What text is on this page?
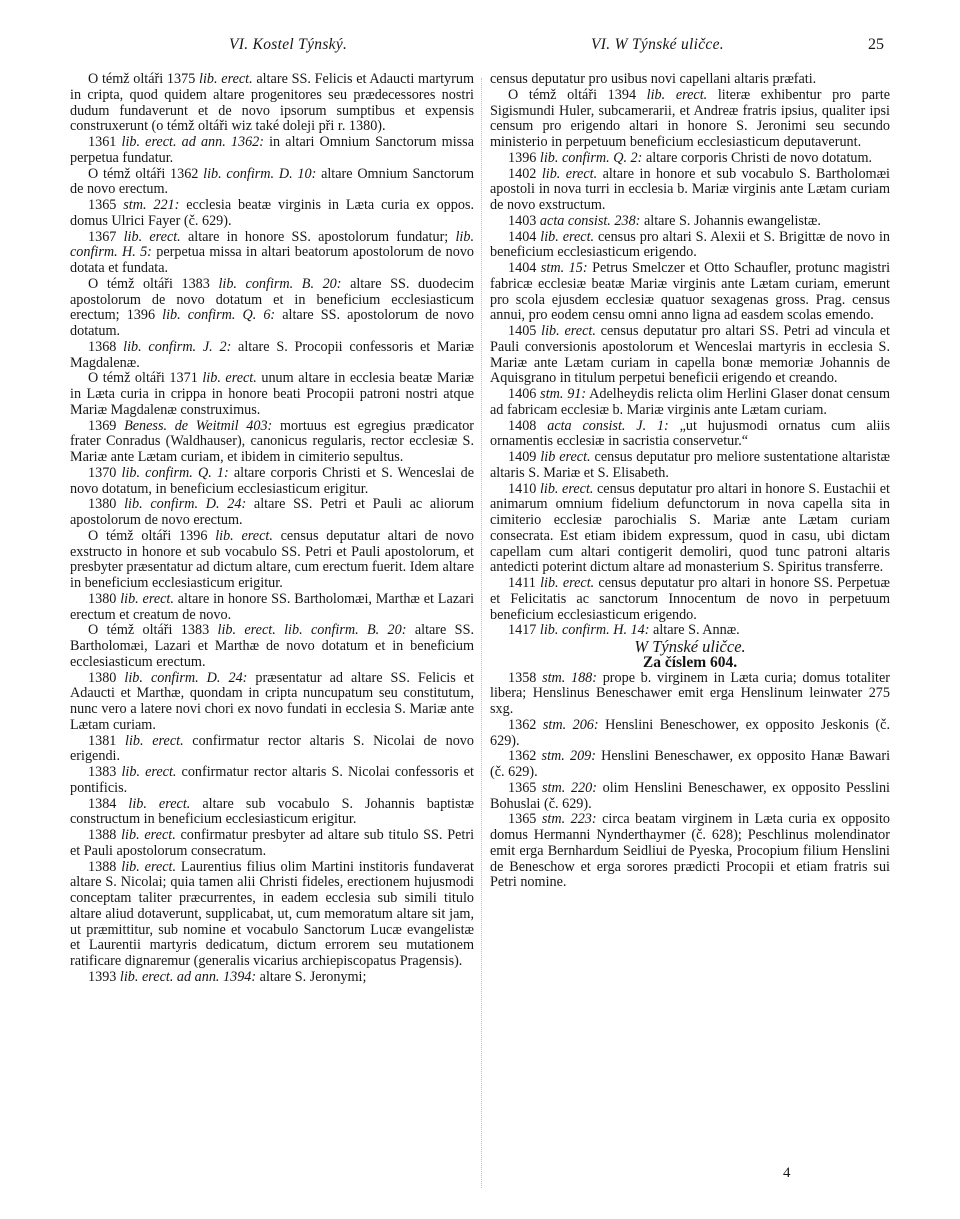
VI. Kostel Týnský.	VI. W Týnské uličce.	25

O témž oltáři 1375 lib. erect. altare SS. Felicis et Adaucti martyrum in cripta, quod quidem altare progenitores seu prædecessores nostri dudum fundaverunt et de novo ipsorum sumptibus et expensis construxerunt (o témž oltáři wiz také doleji při r. 1380).

1361 lib. erect. ad ann. 1362: in altari Omnium Sanctorum missa perpetua fundatur.

O témž oltáři 1362 lib. confirm. D. 10: altare Omnium Sanctorum de novo erectum.

1365 stm. 221: ecclesia beatæ virginis in Læta curia ex oppos. domus Ulrici Fayer (č. 629).

1367 lib. erect. altare in honore SS. apostolorum fundatur; lib. confirm. H. 5: perpetua missa in altari beatorum apostolorum de novo dotata et fundata.

O témž oltáři 1383 lib. confirm. B. 20: altare SS. duodecim apostolorum de novo dotatum et in beneficium ecclesiasticum erectum; 1396 lib. confirm. Q. 6: altare SS. apostolorum de novo dotatum.

1368 lib. confirm. J. 2: altare S. Procopii confessoris et Mariæ Magdalenæ.

O témž oltáři 1371 lib. erect. unum altare in ecclesia beatæ Mariæ in Læta curia in crippa in honore beati Procopii patroni nostri atque Mariæ Magdalenæ construximus.

1369 Beness. de Weitmil 403: mortuus est egregius prædicator frater Conradus (Waldhauser), canonicus regularis, rector ecclesiæ S. Mariæ ante Lætam curiam, et ibidem in cimiterio sepultus.

1370 lib. confirm. Q. 1: altare corporis Christi et S. Wenceslai de novo dotatum, in beneficium ecclesiasticum erigitur.

1380 lib. confirm. D. 24: altare SS. Petri et Pauli ac aliorum apostolorum de novo erectum.

O témž oltáři 1396 lib. erect. census deputatur altari de novo exstructo in honore et sub vocabulo SS. Petri et Pauli apostolorum, et presbyter præsentatur ad dictum altare, cum erectum fuerit. Idem altare in beneficium ecclesiasticum erigitur.

1380 lib. erect. altare in honore SS. Bartholomæi, Marthæ et Lazari erectum et creatum de novo.

O témž oltáři 1383 lib. erect. lib. confirm. B. 20: altare SS. Bartholomæi, Lazari et Marthæ de novo dotatum et in beneficium ecclesiasticum erectum.

1380 lib. confirm. D. 24: præsentatur ad altare SS. Felicis et Adaucti et Marthæ, quondam in cripta nuncupatum seu constitutum, nunc vero a latere novi chori ex novo fundati in ecclesia S. Mariæ ante Lætam curiam.

1381 lib. erect. confirmatur rector altaris S. Nicolai de novo erigendi.

1383 lib. erect. confirmatur rector altaris S. Nicolai confessoris et pontificis.

1384 lib. erect. altare sub vocabulo S. Johannis baptistæ constructum in beneficium ecclesiasticum erigitur.

1388 lib. erect. confirmatur presbyter ad altare sub titulo SS. Petri et Pauli apostolorum consecratum.

1388 lib. erect. Laurentius filius olim Martini institoris fundaverat altare S. Nicolai; quia tamen alii Christi fideles, erectionem hujusmodi conceptam taliter præcurrentes, in eadem ecclesia sub simili titulo altare aliud dotaverunt, supplicabat, ut, cum memoratum altare sit jam, ut præmittitur, sub nomine et vocabulo Sanctorum Lucæ evangelistæ et Laurentii martyris dedicatum, dictum errorem seu mutationem ratificare dignaremur (generalis vicarius archiepiscopatus Pragensis).

1393 lib. erect. ad ann. 1394: altare S. Jeronymi;

census deputatur pro usibus novi capellani altaris præfati.

O témž oltáři 1394 lib. erect. literæ exhibentur pro parte Sigismundi Huler, subcamerarii, et Andreæ fratris ipsius, qualiter ipsi censum pro erigendo altari in honore S. Jeronimi seu secundo ministerio in perpetuum beneficium ecclesiasticum deputaverunt.

1396 lib. confirm. Q. 2: altare corporis Christi de novo dotatum.

1402 lib. erect. altare in honore et sub vocabulo S. Bartholomæi apostoli in nova turri in ecclesia b. Mariæ virginis ante Lætam curiam de novo exstructum.

1403 acta consist. 238: altare S. Johannis ewangelistæ.

1404 lib. erect. census pro altari S. Alexii et S. Brigittæ de novo in beneficium ecclesiasticum erigendo.

1404 stm. 15: Petrus Smelczer et Otto Schaufler, protunc magistri fabricæ ecclesiæ beatæ Mariæ virginis ante Lætam curiam, emerunt pro scola ejusdem ecclesiæ quatuor sexagenas gross. Prag. census annui, pro eodem censu omni anno ligna ad easdem scolas emendo.

1405 lib. erect. census deputatur pro altari SS. Petri ad vincula et Pauli conversionis apostolorum et Wenceslai martyris in ecclesia S. Mariæ ante Lætam curiam in capella bonæ memoriæ Johannis de Aquisgrano in titulum perpetui beneficii erigendo et creando.

1406 stm. 91: Adelheydis relicta olim Herlini Glaser donat censum ad fabricam ecclesiæ b. Mariæ virginis ante Lætam curiam.

1408 acta consist. J. 1: „ut hujusmodi ornatus cum aliis ornamentis ecclesiæ in sacristia conservetur.“

1409 lib erect. census deputatur pro meliore sustentatione altaristæ altaris S. Mariæ et S. Elisabeth.

1410 lib. erect. census deputatur pro altari in honore S. Eustachii et animarum omnium fidelium defunctorum in nova capella sita in cimiterio ecclesiæ parochialis S. Mariæ ante Lætam curiam consecrata. Est etiam ibidem expressum, quod in casu, ubi dictam capellam cum altari contigerit demoliri, quod tunc patroni altaris antedicti poterint dictum altare ad monasterium S. Spiritus transferre.

1411 lib. erect. census deputatur pro altari in honore SS. Perpetuæ et Felicitatis ac sanctorum Innocentum de novo in perpetuum beneficium ecclesiasticum erigendo.

1417 lib. confirm. H. 14: altare S. Annæ.

W Týnské uličce.

Za číslem 604.

1358 stm. 188: prope b. virginem in Læta curia; domus totaliter libera; Henslinus Beneschawer emit erga Henslinum leinwater 275 sxg.

1362 stm. 206: Henslini Beneschower, ex opposito Jeskonis (č. 629).

1362 stm. 209: Henslini Beneschawer, ex opposito Hanæ Bawari (č. 629).

1365 stm. 220: olim Henslini Beneschawer, ex opposito Pesslini Bohuslai (č. 629).

1365 stm. 223: circa beatam virginem in Læta curia ex opposito domus Hermanni Nynderthaymer (č. 628); Peschlinus molendinator emit erga Bernhardum Seidliui de Pyeska, Procopium filium Henslini de Beneschow et erga sorores prædicti Procopii et etiam fratris sui Petri nomine.

4
